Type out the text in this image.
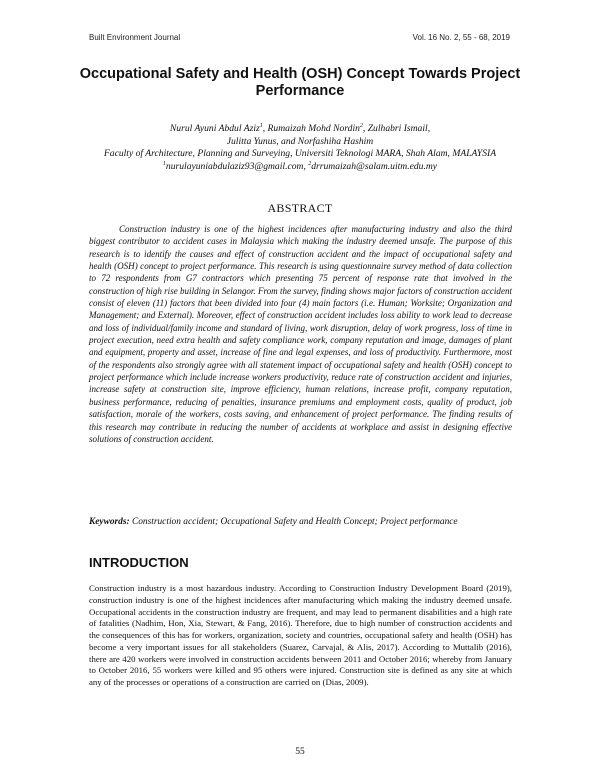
Built Environment Journal	Vol. 16 No. 2, 55 - 68, 2019
Occupational Safety and Health (OSH) Concept Towards Project Performance

Nurul Ayuni Abdul Aziz$^1$, Rumaizah Mohd Nordin$^2$, Zulhabri Ismail,

Julitta Yunus, and Norfashiha Hashim

Faculty of Architecture, Planning and Surveying, Universiti Teknologi MARA, Shah Alam, MALAYSIA

$^1$nurulayuniabdulaziz93@gmail.com, $^2$drrumaizah@salam.uitm.edu.my

ABSTRACT

Construction industry is one of the highest incidences after manufacturing industry and also the third biggest contributor to accident cases in Malaysia which making the industry deemed unsafe. The purpose of this research is to identify the causes and effect of construction accident and the impact of occupational safety and health (OSH) concept to project performance. This research is using questionnaire survey method of data collection to 72 respondents from G7 contractors which presenting 75 percent of response rate that involved in the construction of high rise building in Selangor. From the survey, finding shows major factors of construction accident consist of eleven (11) factors that been divided into four (4) main factors (i.e. Human; Worksite; Organization and Management; and External). Moreover, effect of construction accident includes loss ability to work lead to decrease and loss of individual/family income and standard of living, work disruption, delay of work progress, loss of time in project execution, need extra health and safety compliance work, company reputation and image, damages of plant and equipment, property and asset, increase of fine and legal expenses, and loss of productivity. Furthermore, most of the respondents also strongly agree with all statement impact of occupational safety and health (OSH) concept to project performance which include increase workers productivity, reduce rate of construction accident and injuries, increase safety at construction site, improve efficiency, human relations, increase profit, company reputation, business performance, reducing of penalties, insurance premiums and employment costs, quality of product, job satisfaction, morale of the workers, costs saving, and enhancement of project performance. The finding results of this research may contribute in reducing the number of accidents at workplace and assist in designing effective solutions of construction accident.

Keywords: Construction accident; Occupational Safety and Health Concept; Project performance

INTRODUCTION

Construction industry is a most hazardous industry. According to Construction Industry Development Board (2019), construction industry is one of the highest incidences after manufacturing which making the industry deemed unsafe. Occupational accidents in the construction industry are frequent, and may lead to permanent disabilities and a high rate of fatalities (Nadhim, Hon, Xia, Stewart, & Fang, 2016). Therefore, due to high number of construction accidents and the consequences of this has for workers, organization, society and countries, occupational safety and health (OSH) has become a very important issues for all stakeholders (Suarez, Carvajal, & Alis, 2017). According to Muttalib (2016), there are 420 workers were involved in construction accidents between 2011 and October 2016; whereby from January to October 2016, 55 workers were killed and 95 others were injured. Construction site is defined as any site at which any of the processes or operations of a construction are carried on (Dias, 2009).

55
